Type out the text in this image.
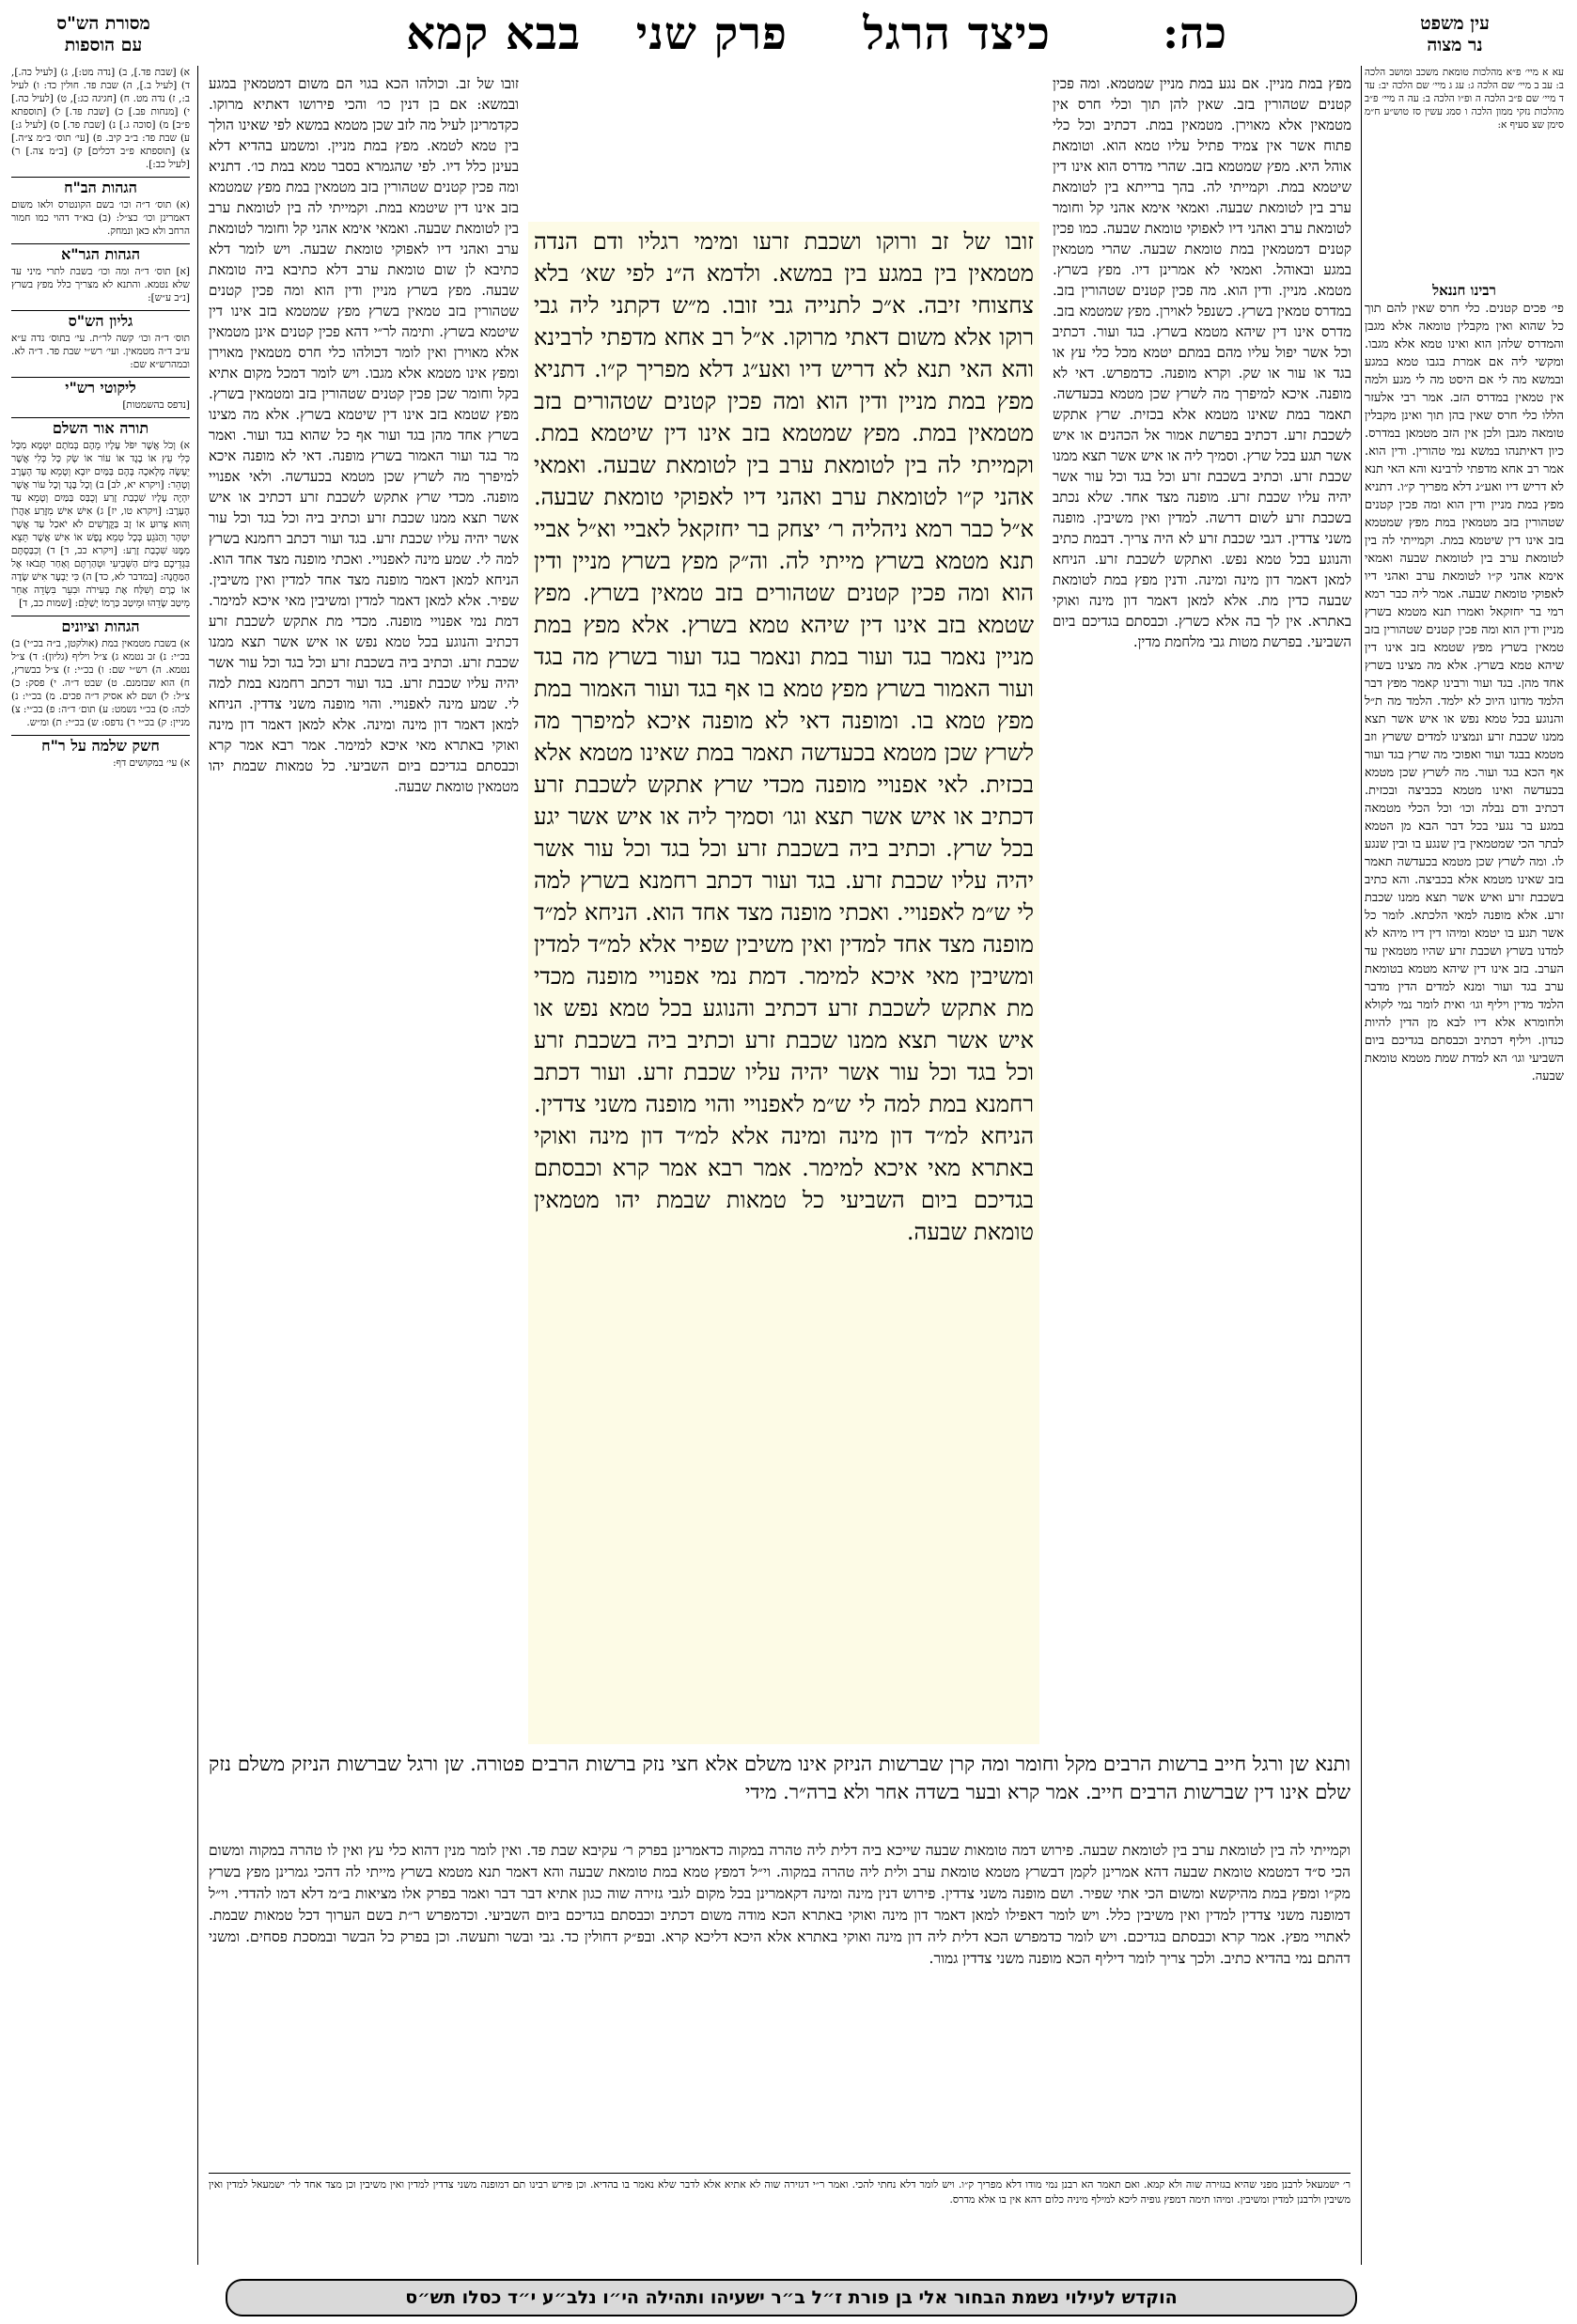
כה:
כיצד הרגל
פרק שני
בבא קמא	עין משפט
נר מצוה
מסורת הש"ס
עם הוספות

עא א מיי׳ פ״א מהלכות טומאת משכב ומושב הלכה ב: עב ב מיי׳ שם הלכה ג: עג ג מיי׳ שם הלכה יב: עד ד מיי׳ שם פ״ב הלכה ה ופ״ו הלכה ב: עה ה מיי׳ פ״ב מהלכות נזקי ממון הלכה ו סמג עשין סז טוש״ע ח״מ סימן שצ סעיף א:

רבינו חננאל

פי׳ פכים קטנים. כלי חרס שאין להם תוך כל שהוא ואין מקבלין טומאה אלא מגבן והמדרס שלהן הוא ואינו טמא אלא מגבו. ומקשי ליה אם אמרת בגבו טמא במגע ובמשא מה לי אם היסט מה לי מגע ולמה אין טמאין במדרס הזב. אמר רבי אלעזר הללו כלי חרס שאין בהן תוך ואינן מקבלין טומאה מגבן ולכן אין הזב מטמאן במדרס. כיון דאיתנהו במשא נמי טהורין. ודין הוא. אמר רב אחא מדפתי לרבינא והא האי תנא לא דריש דיו ואע״ג דלא מפריך ק״ו. דתניא מפץ במת מניין ודין הוא ומה פכין קטנים שטהורין בזב מטמאין במת מפץ שמטמא בזב אינו דין שיטמא במת. וקמייתי לה בין לטומאת ערב בין לטומאת שבעה ואמאי אימא אהני ק״ו לטומאת ערב ואהני דיו לאפוקי טומאת שבעה. אמר ליה כבר רמא רמי בר יחזקאל ואמרו תנא מטמא בשרץ מניין ודין הוא ומה פכין קטנים שטהורין בזב טמאין בשרץ מפץ שטמא בזב אינו דין שיהא טמא בשרץ. אלא מה מצינו בשרץ אחד מהן. בגד ועור ורבינו קאמר מפץ דבר הלמד מדונו היוכ לא ילמד. הלמד מה ת״ל והנוגע בכל טמא נפש או איש אשר תצא ממנו שכבת זרע ונמצינו למדים ששרץ וזב מטמא בבגד ועור ואפוכי מה שרץ בגד ועור אף הכא בגד ועור. מה לשרץ שכן מטמא בכעדשה ואינו מטמא בכביצה ובכזית. דכתיב ודם נבלה וכו׳ וכל הכלי מטמאה במגע בר נגעי בכל דבר הבא מן הטמא לבתר הכי שמטמאין בין שנגע בו ובין שנגע לו. ומה לשרץ שכן מטמא בכעדשה תאמר בזב שאינו מטמא אלא בכביצה. והא כתיב בשכבת זרע ואיש אשר תצא ממנו שכבת זרע. אלא מופנה למאי הלכתא. לומר כל אשר תגע בו יטמא ומיהו דין דיו מיהא לא למדנו בשרץ ושכבת זרע שהיו מטמאין עד הערב. בזב אינו דין שיהא מטמא בטומאת ערב בגד ועור ומנא למדים הדין מדבר הלמד מדין ויליף וגו׳ ואית לומר נמי לקולא ולחומרא אלא דיו לבא מן הדין להיות כנדון. ויליף דכתיב וכבסתם בגדיכם ביום השביעי וגו׳ הא למדת שמת מטמא טומאת שבעה.

א) [שבת פד.], ב) [נדה מט:], ג) [לעיל כה.], ד) [לעיל ב.], ה) שבת פד. חולין כד: ו) לעיל ב:, ז) נדה מט. ח) [חגיגה כג:], ט) [לעיל כה.] י) [מנחות פב.] כ) [שבת פד.] ל) [תוספתא פ״ב] מ) [סוכה ג.] נ) [שבת פד.] ס) [לעיל ג:] ע) שבת פד: ב״ב קיב. פ) [עי׳ תוס׳ ב״מ צ״ה.] צ) [תוספתא פ״ב דכלים] ק) [ב״מ צה.] ר) [לעיל כב:].

הגהות הב"ח

(א) תוס׳ ד״ה וכו׳ בשם הקונטרס ולאו משום דאמרינן וכו׳ כצ״ל: (ב) בא״ד דהוי כמו חמור הרחב ולא כאן ונמחק.

הגהות הגר"א

[א] תוס׳ ד״ה ומה וכו׳ בשבת לתרי מיני עד שלא נטמא. והתנא לא מצריך כלל מפץ בשרץ [נ״ב ע״ש]:

גליון הש"ס

תוס׳ ד״ה וכו׳ קשה לר״ת. עי׳ בתוס׳ נדה ע״א ע״ב ד״ה מטמאין. ועי׳ רש״י שבת פד. ד״ה לא. ובמהרש״א שם:

ליקוטי רש"י

[נדפס בהשמטות]

תורה אור השלם

א) וְכֹל אֲשֶׁר יִפֹּל עָלָיו מֵהֶם בְּמֹתָם יִטְמָא מִכָּל כְּלִי עֵץ אוֹ בֶגֶד אוֹ עוֹר אוֹ שָׂק כָּל כְּלִי אֲשֶׁר יֵעָשֶׂה מְלָאכָה בָּהֶם בַּמַּיִם יוּבָא וְטָמֵא עַד הָעֶרֶב וְטָהֵר: [ויקרא יא, לב] ב) וְכָל בֶּגֶד וְכָל עוֹר אֲשֶׁר יִהְיֶה עָלָיו שִׁכְבַת זָרַע וְכֻבַּס בַּמַּיִם וְטָמֵא עַד הָעָרֶב: [ויקרא טו, יז] ג) אִישׁ אִישׁ מִזֶּרַע אַהֲרֹן וְהוּא צָרוּעַ אוֹ זָב בַּקֳּדָשִׁים לֹא יֹאכַל עַד אֲשֶׁר יִטְהָר וְהַנֹּגֵעַ בְּכָל טְמֵא נֶפֶשׁ אוֹ אִישׁ אֲשֶׁר תֵּצֵא מִמֶּנּוּ שִׁכְבַת זָרַע: [ויקרא כב, ד] ד) וְכִבַּסְתֶּם בִּגְדֵיכֶם בַּיּוֹם הַשְּׁבִיעִי וּטְהַרְתֶּם וְאַחַר תָּבֹאוּ אֶל הַמַּחֲנֶה: [במדבר לא, כד] ה) כִּי יַבְעֶר אִישׁ שָׂדֶה אוֹ כֶרֶם וְשִׁלַּח אֶת בְּעִירֹה וּבִעֵר בִּשְׂדֵה אַחֵר מֵיטַב שָׂדֵהוּ וּמֵיטַב כַּרְמוֹ יְשַׁלֵּם: [שמות כב, ד]

הגהות וציונים

א) בשבת מטמאין במת (אולקטן, ב״ה בכ״י) ב) בכ״י: נ) זב נטמא ג) צ״ל ויליף (גליון): ד) צ״ל נטמא. ה) רש״י שם: ו) בכ״י: ז) צ״ל כבשרץ, ח) הוא שבזמנם. ט) שבט ד״ה. י) פסק: כ) צ״ל: ל) ושם לא אסיק ד״ה פכים. מ) בכ״י: נ) לכה: ס) בכ״י נשמט: ע) תום׳ ד״ה: פ) בכ״י: צ) מניין: ק) בכ״י ר) נדפס: ש) בכ״י: ת) ומ״ש.

חשק שלמה על ר"ח

א) עי׳ במקושים דף:

מפץ במת מניין. אם נגע במת מניין שמטמא. ומה פכין קטנים שטהורין בזב. שאין להן תוך וכלי חרס אין מטמאין אלא מאוירן. מטמאין במת. דכתיב וכל כלי פתוח אשר אין צמיד פתיל עליו טמא הוא. וטומאת אוהל היא. מפץ שמטמא בזב. שהרי מדרס הוא אינו דין שיטמא במת. וקמייתי לה. בהך ברייתא בין לטומאת ערב בין לטומאת שבעה. ואמאי אימא אהני קל וחומר לטומאת ערב ואהני דיו לאפוקי טומאת שבעה. כמו פכין קטנים דמטמאין במת טומאת שבעה. שהרי מטמאין במגע ובאוהל. ואמאי לא אמרינן דיו. מפץ בשרץ. מטמא. מניין. ודין הוא. מה פכין קטנים שטהורין בזב. במדרס טמאין בשרץ. כשנפל לאוירן. מפץ שמטמא בזב. מדרס אינו דין שיהא מטמא בשרץ. בגד ועור. דכתיב וכל אשר יפול עליו מהם במתם יטמא מכל כלי עץ או בגד או עור או שק. וקרא מופנה. כדמפרש. דאי לא מופנה. איכא למיפרך מה לשרץ שכן מטמא בכעדשה. תאמר במת שאינו מטמא אלא בכזית. שרץ אתקש לשכבת זרע. דכתיב בפרשת אמור אל הכהנים או איש אשר תגע בכל שרץ. וסמיך ליה או איש אשר תצא ממנו שכבת זרע. וכתיב בשכבת זרע וכל בגד וכל עור אשר יהיה עליו שכבת זרע. מופנה מצד אחד. שלא נכתב בשכבת זרע לשום דרשה. למדין ואין משיבין. מופנה משני צדדין. דגבי שכבת זרע לא היה צריך. דבמת כתיב והנוגע בכל טמא נפש. ואתקש לשכבת זרע. הניחא למאן דאמר דון מינה ומינה. ודנין מפץ במת לטומאת שבעה כדין מת. אלא למאן דאמר דון מינה ואוקי באתרא. אין לך בה אלא כשרץ. וכבסתם בגדיכם ביום השביעי. בפרשת מטות גבי מלחמת מדין.

זובו של זב. וכולהו הכא בגוי הם משום דמטמאין במגע ובמשא: אם בן דנין כו׳ והכי פירושו דאתיא מרוקו. כקדמרינן לעיל מה לזב שכן מטמא במשא לפי שאינו הולך בין טמא לטמא. מפץ במת מניין. ומשמע בהדיא דלא בעינן כלל דיו. לפי שהגמרא בסבר טמא במת כו׳. דתניא ומה פכין קטנים שטהורין בזב מטמאין במת מפץ שמטמא בזב אינו דין שיטמא במת. וקמייתי לה בין לטומאת ערב בין לטומאת שבעה. ואמאי אימא אהני קל וחומר לטומאת ערב ואהני דיו לאפוקי טומאת שבעה. ויש לומר דלא כתיבא לן שום טומאת ערב דלא כתיבא ביה טומאת שבעה. מפץ בשרץ מניין ודין הוא ומה פכין קטנים שטהורין בזב טמאין בשרץ מפץ שמטמא בזב אינו דין שיטמא בשרץ. ותימה לר״י דהא פכין קטנים אינן מטמאין אלא מאוירן ואין לומר דכולהו כלי חרס מטמאין מאוירן ומפץ אינו מטמא אלא מגבו. ויש לומר דמכל מקום אתיא בקל וחומר שכן פכין קטנים שטהורין בזב ומטמאין בשרץ. מפץ שטמא בזב אינו דין שיטמא בשרץ. אלא מה מצינו בשרץ אחד מהן בגד ועור אף כל שהוא בגד ועור. ואמר מר בגד ועור האמור בשרץ מופנה. דאי לא מופנה איכא למיפרך מה לשרץ שכן מטמא בכעדשה. ולאי אפנויי מופנה. מכדי שרץ אתקש לשכבת זרע דכתיב או איש אשר תצא ממנו שכבת זרע וכתיב ביה וכל בגד וכל עור אשר יהיה עליו שכבת זרע. בגד ועור דכתב רחמנא בשרץ למה לי. שמע מינה לאפנויי. ואכתי מופנה מצד אחד הוא. הניחא למאן דאמר מופנה מצד אחד למדין ואין משיבין. שפיר. אלא למאן דאמר למדין ומשיבין מאי איכא למימר. דמת נמי אפנויי מופנה. מכדי מת אתקש לשכבת זרע דכתיב והנוגע בכל טמא נפש או איש אשר תצא ממנו שכבת זרע. וכתיב ביה בשכבת זרע וכל בגד וכל עור אשר יהיה עליו שכבת זרע. בגד ועור דכתב רחמנא במת למה לי. שמע מינה לאפנויי. והוי מופנה משני צדדין. הניחא למאן דאמר דון מינה ומינה. אלא למאן דאמר דון מינה ואוקי באתרא מאי איכא למימר. אמר רבא אמר קרא וכבסתם בגדיכם ביום השביעי. כל טמאות שבמת יהו מטמאין טומאת שבעה.

זובו של זב ורוקו ושכבת זרעו ומימי רגליו ודם הנדה מטמאין בין במגע בין במשא. ולדמא ה״נ לפי שא׳ בלא צחצוחי זיבה. א״כ לתנייה גבי זובו. מ״ש דקתני ליה גבי רוקו אלא משום דאתי מרוקו. א״ל רב אחא מדפתי לרבינא והא האי תנא לא דריש דיו ואע״ג דלא מפריך ק״ו. דתניא מפץ במת מניין ודין הוא ומה פכין קטנים שטהורים בזב מטמאין במת. מפץ שמטמא בזב אינו דין שיטמא במת. וקמייתי לה בין לטומאת ערב בין לטומאת שבעה. ואמאי אהני ק״ו לטומאת ערב ואהני דיו לאפוקי טומאת שבעה. א״ל כבר רמא ניהליה ר׳ יצחק בר יחזקאל לאביי וא״ל אביי תנא מטמא בשרץ מייתי לה. וה״ק מפץ בשרץ מניין ודין הוא ומה פכין קטנים שטהורים בזב טמאין בשרץ. מפץ שטמא בזב אינו דין שיהא טמא בשרץ. אלא מפץ במת מניין נאמר בגד ועור במת ונאמר בגד ועור בשרץ מה בגד ועור האמור בשרץ מפץ טמא בו אף בגד ועור האמור במת מפץ טמא בו. ומופנה דאי לא מופנה איכא למיפרך מה לשרץ שכן מטמא בכעדשה תאמר במת שאינו מטמא אלא בכזית. לאי אפנויי מופנה מכדי שרץ אתקש לשכבת זרע דכתיב או איש אשר תצא וגו׳ וסמיך ליה או איש אשר יגע בכל שרץ. וכתיב ביה בשכבת זרע וכל בגד וכל עור אשר יהיה עליו שכבת זרע. בגד ועור דכתב רחמנא בשרץ למה לי ש״מ לאפנויי. ואכתי מופנה מצד אחד הוא. הניחא למ״ד מופנה מצד אחד למדין ואין משיבין שפיר אלא למ״ד למדין ומשיבין מאי איכא למימר. דמת נמי אפנויי מופנה מכדי מת אתקש לשכבת זרע דכתיב והנוגע בכל טמא נפש או איש אשר תצא ממנו שכבת זרע וכתיב ביה בשכבת זרע וכל בגד וכל עור אשר יהיה עליו שכבת זרע. ועור דכתב רחמנא במת למה לי ש״מ לאפנויי והוי מופנה משני צדדין. הניחא למ״ד דון מינה ומינה אלא למ״ד דון מינה ואוקי באתרא מאי איכא למימר. אמר רבא אמר קרא וכבסתם בגדיכם ביום השביעי כל טמאות שבמת יהו מטמאין טומאת שבעה.

ותנא שן ורגל חייב ברשות הרבים מקל וחומר ומה קרן שברשות הניזק אינו משלם אלא חצי נזק ברשות הרבים פטורה. שן ורגל שברשות הניזק משלם נזק שלם אינו דין שברשות הרבים חייב. אמר קרא ובער בשדה אחר ולא ברה״ר. מידי

וקמייתי לה בין לטומאת ערב בין לטומאת שבעה. פירוש דמה טומאות שבעה שייכא ביה דלית ליה טהרה במקוה כדאמרינן בפרק ר׳ עקיבא שבת פד. ואין לומר מנין דהוא כלי עץ ואין לו טהרה במקוה ומשום הכי ס״ד דמטמא טומאת שבעה דהא אמרינן לקמן דבשרץ מטמא טומאת ערב ולית ליה טהרה במקוה. וי״ל דמפץ טמא במת טומאת שבעה והא דאמר תנא מטמא בשרץ מייתי לה דהכי גמרינן מפץ בשרץ מק״ו ומפץ במת מהיקשא ומשום הכי אתי שפיר. ושם מופנה משני צדדין. פירוש דנין מינה ומינה דקאמרינן בכל מקום לגבי גזירה שוה כגון אתיא דבר דבר ואמר בפרק אלו מציאות ב״מ דלא דמו להדדי. וי״ל דמופנה משני צדדין למדין ואין משיבין כלל. ויש לומר דאפילו למאן דאמר דון מינה ואוקי באתרא הכא מודה משום דכתיב וכבסתם בגדיכם ביום השביעי. וכדמפרש ר״ת בשם הערוך דכל טמאות שבמת. לאתויי מפץ. אמר קרא וכבסתם בגדיכם. ויש לומר כדמפרש הכא דלית ליה דון מינה ואוקי באתרא אלא היכא דליכא קרא. ובפ״ק דחולין כד. גבי ובשר ותעשה. וכן בפרק כל הבשר ובמסכת פסחים. ומשני דהתם נמי בהדיא כתיב. ולכך צריך לומר דיליף הכא מופנה משני צדדין גמור.

ר׳ ישמעאל לרבנן מפני שהיא בגזירה שוה ולא קמא. ואם תאמר הא רבנן נמי מודו דלא מפריך ק״ו. ויש לומר דלא נחתי להכי. ואמר ר״י דגזירה שוה לא אתיא אלא לדבר שלא נאמר בו בהדיא. וכן פירש רבינו תם דמופנה משני צדדין למדין ואין משיבין וכן מצד אחד לר׳ ישמעאל למדין ואין משיבין ולרבנן למדין ומשיבין. ומיהו תימה דמפץ גופיה ליכא למילף מיניה כלום דהא אין בו אלא מדרס.

הוקדש לעילוי נשמת הבחור אלי בן פורת ז״ל ב״ר ישעיהו ותהילה הי״ו נלב״ע י״ד כסלו תש״ס
